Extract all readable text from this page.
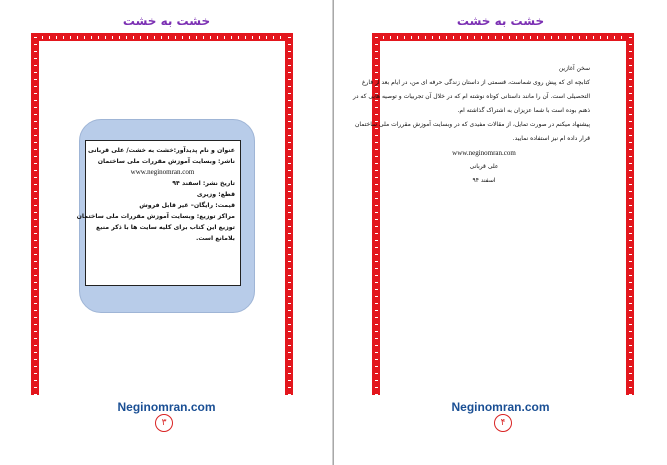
خشت به خشت
Neginomran.com
۳
عنوان و نام پدیدآور:خشت به خشت/ علی قربانی
ناشر: وبسایت آموزش مقررات ملی ساختمان
www.neginomran.com
تاریخ نشر: اسفند ۹۴
قطع: وزیری
قیمت: رایگان– غیر قابل فروش
مراکز توزیع: وبسایت آموزش مقررات ملی ساختمان
توزیع این کتاب برای کلیه سایت ها با ذکر منبع
بلامانع است.
خشت به خشت
Neginomran.com
۴
سخن آغازین
کتابچه ای که پیش روی شماست، قسمتی از داستان زندگی حرفه ای من، در ایام بعد از فارغ
التحصیلی است. آن را مانند داستانی کوتاه نوشته ام که در خلال آن تجربیات و توصیه هایی که در
ذهنم بوده است با شما عزیزان به اشتراک گذاشته ام.
پیشنهاد میکنم در صورت تمایل، از مقالات مفیدی که در وبسایت آموزش مقررات ملی ساختمان
قرار داده ام نیز استفاده نمایید.
www.neginomran.com
علی قربانی
اسفند ۹۴
